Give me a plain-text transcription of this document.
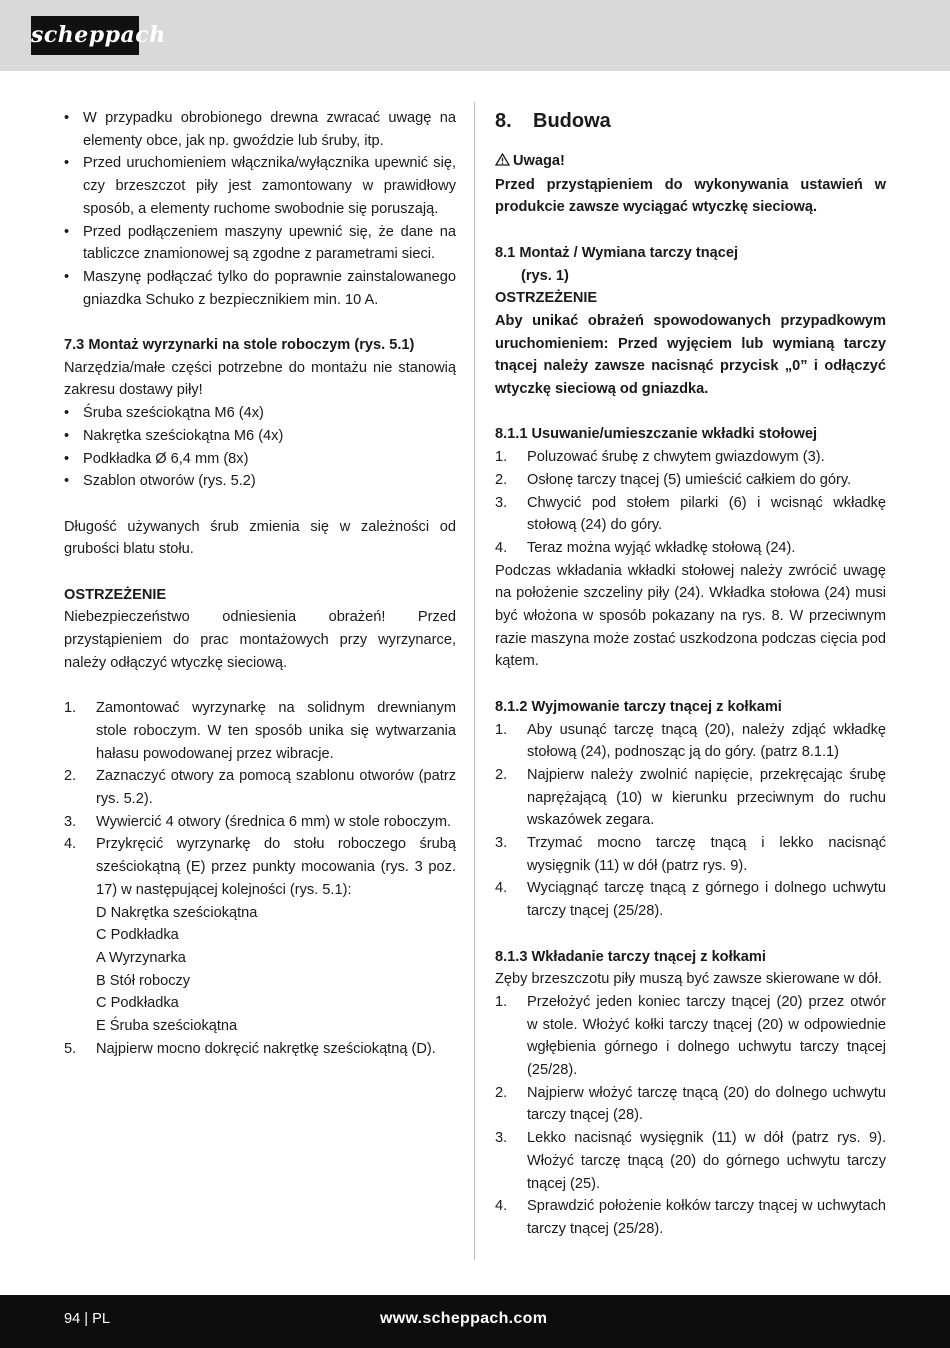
scheppach
• W przypadku obrobionego drewna zwracać uwagę na elementy obce, jak np. gwoździe lub śruby, itp.
• Przed uruchomieniem włącznika/wyłącznika upewnić się, czy brzeszczot piły jest zamontowany w prawidłowy sposób, a elementy ruchome swobodnie się poruszają.
• Przed podłączeniem maszyny upewnić się, że dane na tabliczce znamionowej są zgodne z parametrami sieci.
• Maszynę podłączać tylko do poprawnie zainstalowanego gniazdka Schuko z bezpiecznikiem min. 10 A.

7.3 Montaż wyrzynarki na stole roboczym (rys. 5.1)

Narzędzia/małe części potrzebne do montażu nie stanowią zakresu dostawy piły!

• Śruba sześciokątna M6 (4x)
• Nakrętka sześciokątna M6 (4x)
• Podkładka Ø 6,4 mm (8x)
• Szablon otworów (rys. 5.2)

Długość używanych śrub zmienia się w zależności od grubości blatu stołu.

OSTRZEŻENIE

Niebezpieczeństwo odniesienia obrażeń! Przed przystąpieniem do prac montażowych przy wyrzynarce, należy odłączyć wtyczkę sieciową.

1. Zamontować wyrzynarkę na solidnym drewnianym stole roboczym. W ten sposób unika się wytwarzania hałasu powodowanej przez wibracje.
2. Zaznaczyć otwory za pomocą szablonu otworów (patrz rys. 5.2).
3. Wywiercić 4 otwory (średnica 6 mm) w stole roboczym.
4. Przykręcić wyrzynarkę do stołu roboczego śrubą sześciokątną (E) przez punkty mocowania (rys. 3 poz. 17) w następującej kolejności (rys. 5.1):
D Nakrętka sześciokątna
C Podkładka
A Wyrzynarka
B Stół roboczy
C Podkładka
E Śruba sześciokątna
5. Najpierw mocno dokręcić nakrętkę sześciokątną (D).
8. Budowa

Uwaga!

Przed przystąpieniem do wykonywania ustawień w produkcie zawsze wyciągać wtyczkę sieciową.

8.1 Montaż / Wymiana tarczy tnącej

(rys. 1)

OSTRZEŻENIE

Aby unikać obrażeń spowodowanych przypadkowym uruchomieniem: Przed wyjęciem lub wymianą tarczy tnącej należy zawsze nacisnąć przycisk „0” i odłączyć wtyczkę sieciową od gniazdka.

8.1.1 Usuwanie/umieszczanie wkładki stołowej

1. Poluzować śrubę z chwytem gwiazdowym (3).
2. Osłonę tarczy tnącej (5) umieścić całkiem do góry.
3. Chwycić pod stołem pilarki (6) i wcisnąć wkładkę stołową (24) do góry.
4. Teraz można wyjąć wkładkę stołową (24).

Podczas wkładania wkładki stołowej należy zwrócić uwagę na położenie szczeliny piły (24). Wkładka stołowa (24) musi być włożona w sposób pokazany na rys. 8. W przeciwnym razie maszyna może zostać uszkodzona podczas cięcia pod kątem.

8.1.2 Wyjmowanie tarczy tnącej z kołkami

1. Aby usunąć tarczę tnącą (20), należy zdjąć wkładkę stołową (24), podnosząc ją do góry. (patrz 8.1.1)
2. Najpierw należy zwolnić napięcie, przekręcając śrubę naprężającą (10) w kierunku przeciwnym do ruchu wskazówek zegara.
3. Trzymać mocno tarczę tnącą i lekko nacisnąć wysięgnik (11) w dół (patrz rys. 9).
4. Wyciągnąć tarczę tnącą z górnego i dolnego uchwytu tarczy tnącej (25/28).

8.1.3 Wkładanie tarczy tnącej z kołkami

Zęby brzeszczotu piły muszą być zawsze skierowane w dół.

1. Przełożyć jeden koniec tarczy tnącej (20) przez otwór w stole. Włożyć kołki tarczy tnącej (20) w odpowiednie wgłębienia górnego i dolnego uchwytu tarczy tnącej (25/28).
2. Najpierw włożyć tarczę tnącą (20) do dolnego uchwytu tarczy tnącej (28).
3. Lekko nacisnąć wysięgnik (11) w dół (patrz rys. 9). Włożyć tarczę tnącą (20) do górnego uchwytu tarczy tnącej (25).
4. Sprawdzić położenie kołków tarczy tnącej w uchwytach tarczy tnącej (25/28).
94 | PL	www.scheppach.com
